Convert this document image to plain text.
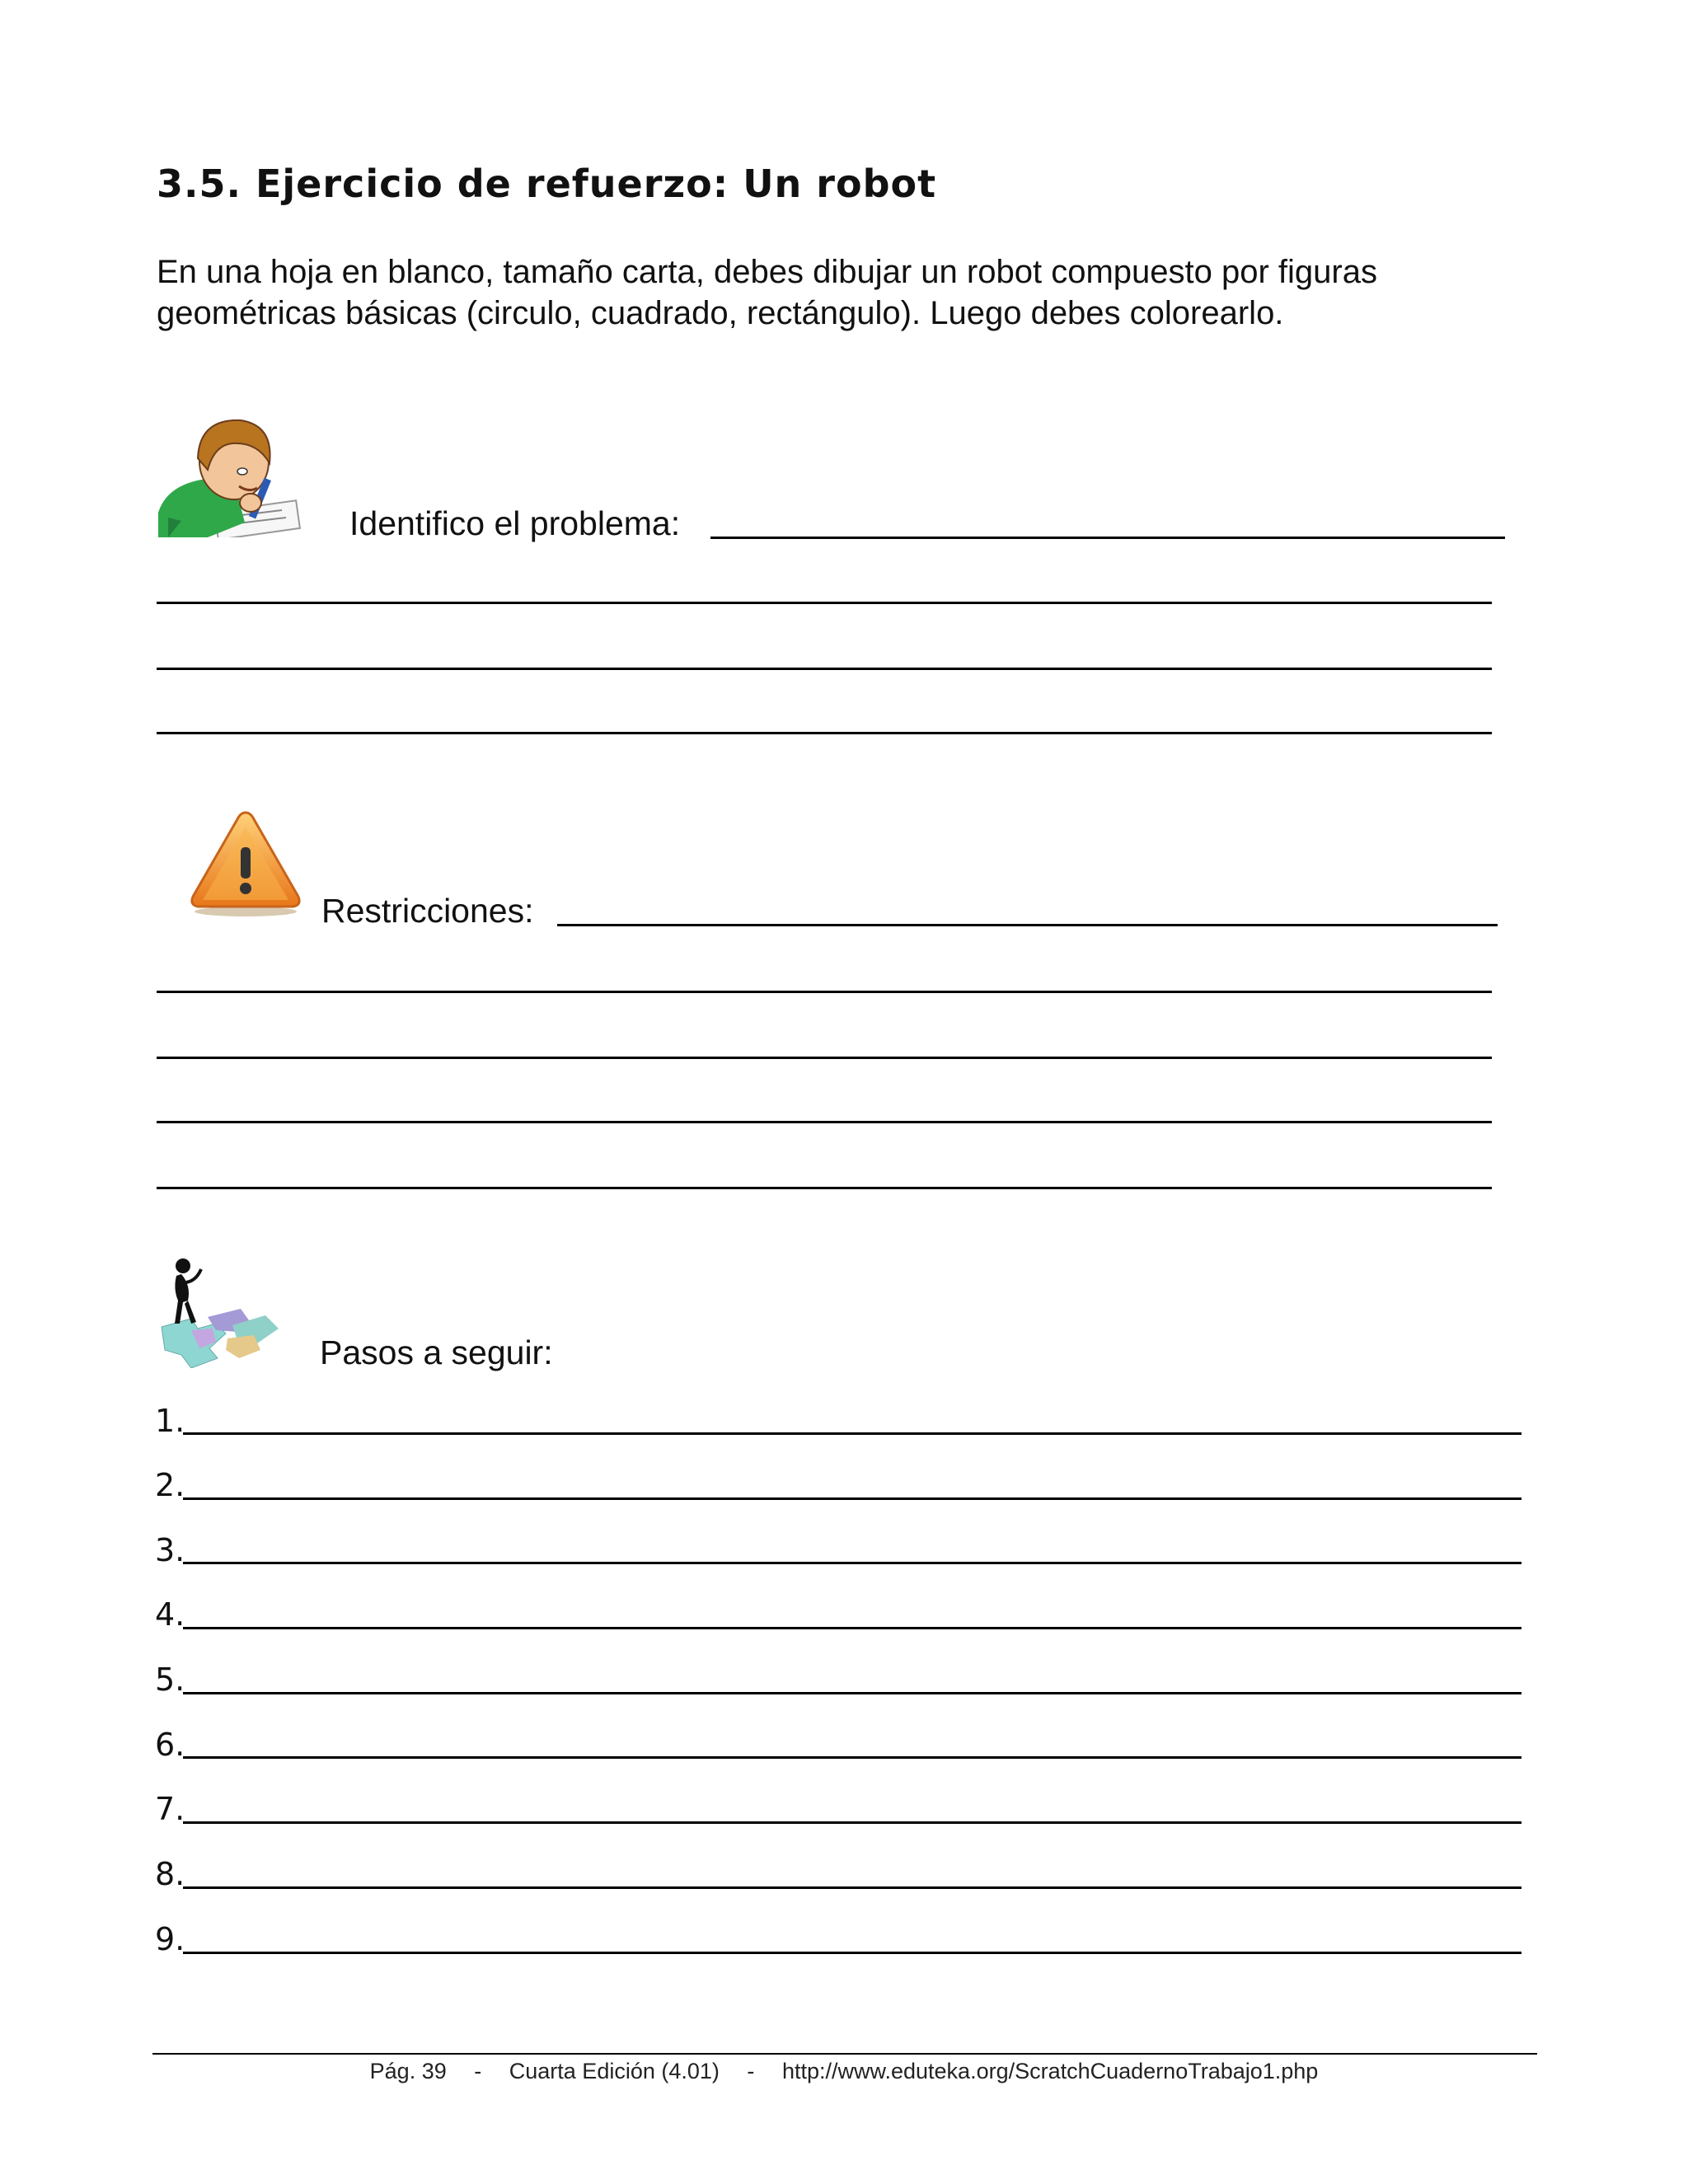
3.5. Ejercicio de refuerzo: Un robot
En una hoja en blanco, tamaño carta, debes dibujar un robot compuesto por figuras
geométricas básicas (circulo, cuadrado, rectángulo). Luego debes colorearlo.
Identifico el problema:
Restricciones:
Pasos a seguir:
1.
2.
3.
4.
5.
6.
7.
8.
9.
Pág. 39 - Cuarta Edición (4.01) - http://www.eduteka.org/ScratchCuadernoTrabajo1.php
